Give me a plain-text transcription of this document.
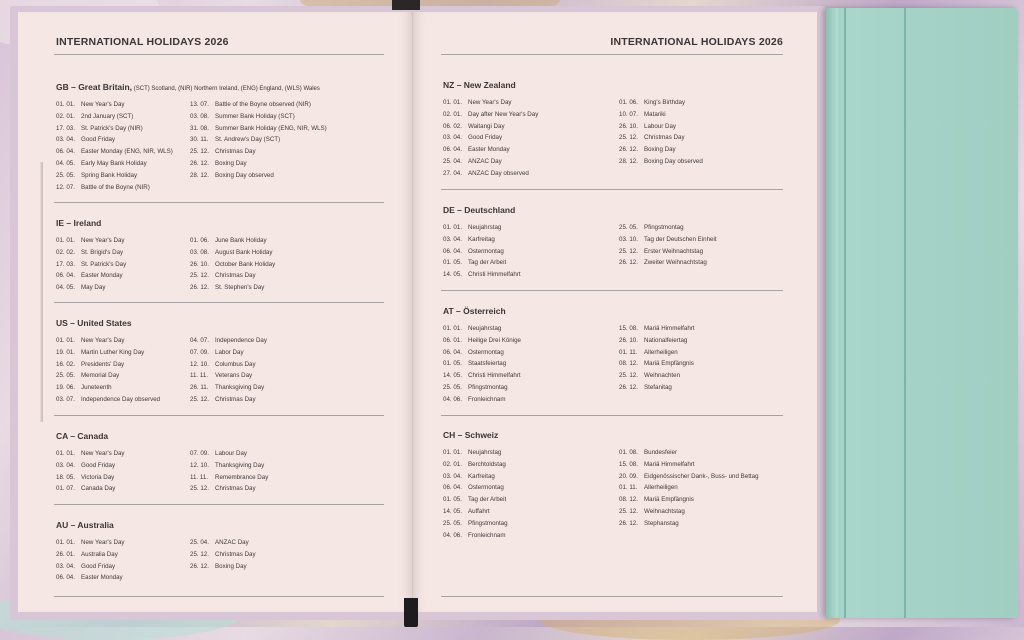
INTERNATIONAL HOLIDAYS 2026
GB – Great Britain, (SCT) Scotland, (NIR) Northern Ireland, (ENG) England, (WLS) Wales
01. 01. New Year's Day
02. 01. 2nd January (SCT)
17. 03. St. Patrick's Day (NIR)
03. 04. Good Friday
06. 04. Easter Monday (ENG, NIR, WLS)
04. 05. Early May Bank Holiday
25. 05. Spring Bank Holiday
12. 07. Battle of the Boyne (NIR)
13. 07. Battle of the Boyne observed (NIR)
03. 08. Summer Bank Holiday (SCT)
31. 08. Summer Bank Holiday (ENG, NIR, WLS)
30. 11. St. Andrew's Day (SCT)
25. 12. Christmas Day
26. 12. Boxing Day
28. 12. Boxing Day observed
IE – Ireland
01. 01. New Year's Day
02. 02. St. Brigid's Day
17. 03. St. Patrick's Day
06. 04. Easter Monday
04. 05. May Day
01. 06. June Bank Holiday
03. 08. August Bank Holiday
26. 10. October Bank Holiday
25. 12. Christmas Day
26. 12. St. Stephen's Day
US – United States
01. 01. New Year's Day
19. 01. Martin Luther King Day
16. 02. Presidents' Day
25. 05. Memorial Day
19. 06. Juneteenth
03. 07. Independence Day observed
04. 07. Independence Day
07. 09. Labor Day
12. 10. Columbus Day
11. 11. Veterans Day
26. 11. Thanksgiving Day
25. 12. Christmas Day
CA – Canada
01. 01. New Year's Day
03. 04. Good Friday
18. 05. Victoria Day
01. 07. Canada Day
07. 09. Labour Day
12. 10. Thanksgiving Day
11. 11. Remembrance Day
25. 12. Christmas Day
AU – Australia
01. 01. New Year's Day
26. 01. Australia Day
03. 04. Good Friday
06. 04. Easter Monday
25. 04. ANZAC Day
25. 12. Christmas Day
26. 12. Boxing Day
INTERNATIONAL HOLIDAYS 2026
NZ – New Zealand
01. 01. New Year's Day
02. 01. Day after New Year's Day
06. 02. Waitangi Day
03. 04. Good Friday
06. 04. Easter Monday
25. 04. ANZAC Day
27. 04. ANZAC Day observed
01. 06. King's Birthday
10. 07. Matariki
26. 10. Labour Day
25. 12. Christmas Day
26. 12. Boxing Day
28. 12. Boxing Day observed
DE – Deutschland
01. 01. Neujahrstag
03. 04. Karfreitag
06. 04. Ostermontag
01. 05. Tag der Arbeit
14. 05. Christi Himmelfahrt
25. 05. Pfingstmontag
03. 10. Tag der Deutschen Einheit
25. 12. Erster Weihnachtstag
26. 12. Zweiter Weihnachtstag
AT – Österreich
01. 01. Neujahrstag
06. 01. Heilige Drei Könige
06. 04. Ostermontag
01. 05. Staatsfeiertag
14. 05. Christi Himmelfahrt
25. 05. Pfingstmontag
04. 06. Fronleichnam
15. 08. Mariä Himmelfahrt
26. 10. Nationalfeiertag
01. 11. Allerheiligen
08. 12. Mariä Empfängnis
25. 12. Weihnachten
26. 12. Stefanitag
CH – Schweiz
01. 01. Neujahrstag
02. 01. Berchtoldstag
03. 04. Karfreitag
06. 04. Ostermontag
01. 05. Tag der Arbeit
14. 05. Auffahrt
25. 05. Pfingstmontag
04. 06. Fronleichnam
01. 08. Bundesfeier
15. 08. Mariä Himmelfahrt
20. 09. Eidgenössischer Dank-, Buss- und Bettag
01. 11. Allerheiligen
08. 12. Mariä Empfängnis
25. 12. Weihnachtstag
26. 12. Stephanstag
